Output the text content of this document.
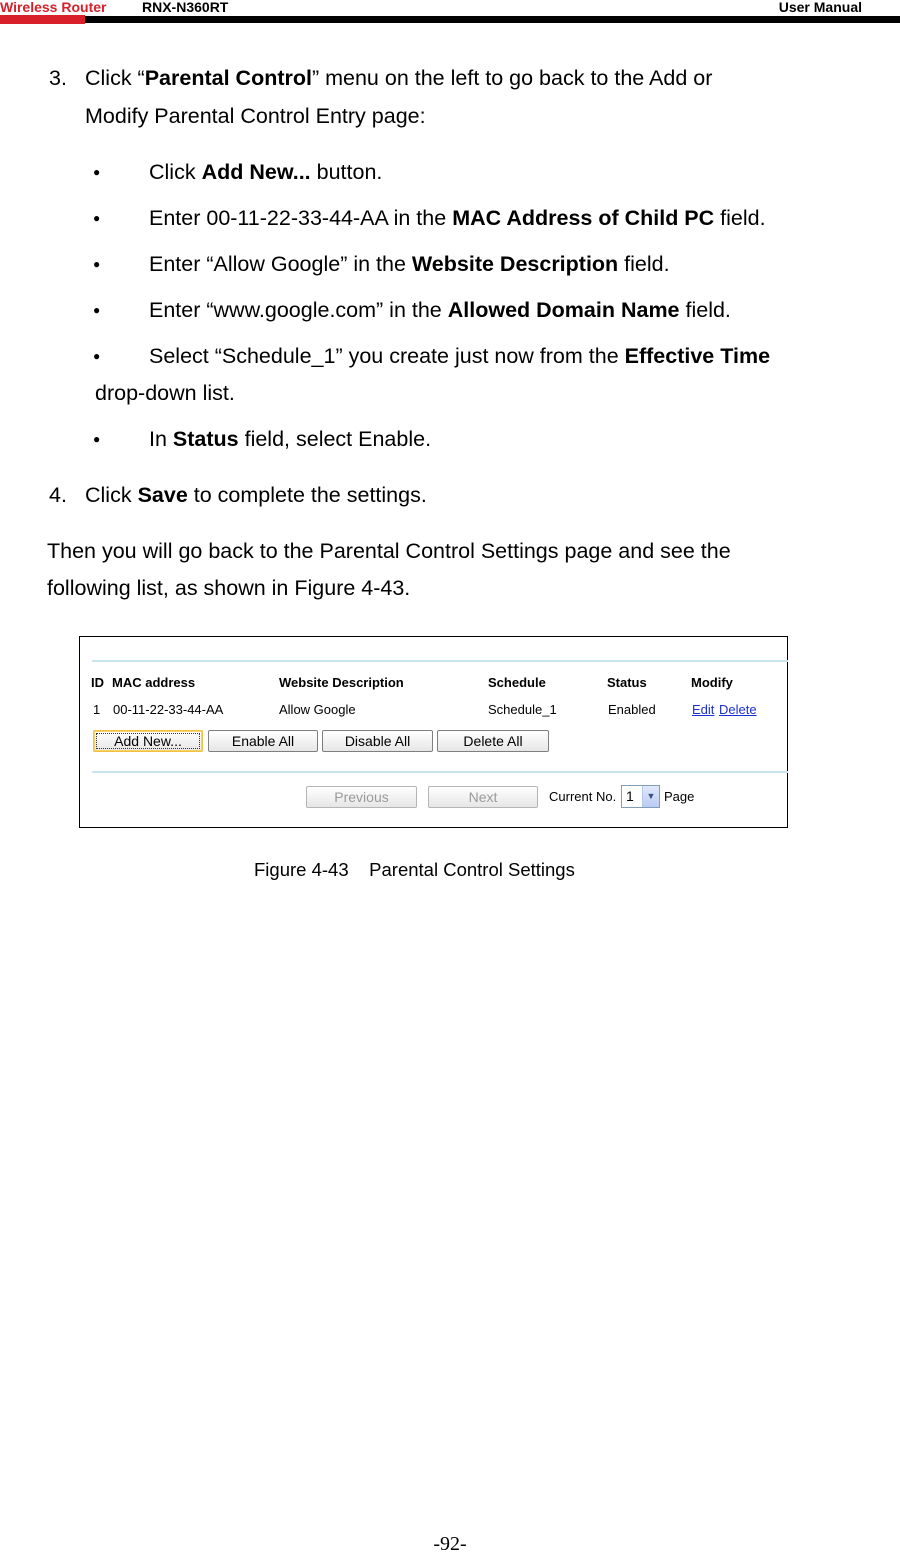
Wireless Router	RNX-N360RT	User Manual
3. Click “Parental Control” menu on the left to go back to the Add or
Modify Parental Control Entry page:
● Click Add New... button.
● Enter 00-11-22-33-44-AA in the MAC Address of Child PC field.
● Enter “Allow Google” in the Website Description field.
● Enter “www.google.com” in the Allowed Domain Name field.
● Select “Schedule_1” you create just now from the Effective Time
drop-down list.
● In Status field, select Enable.
4. Click Save to complete the settings.
Then you will go back to the Parental Control Settings page and see the
following list, as shown in Figure 4-43.
ID MAC address	Website Description	Schedule	Status	Modify
1 00-11-22-33-44-AA	Allow Google	Schedule_1	Enabled	Edit Delete
Add New...	Enable All	Disable All	Delete All
Previous	Next	Current No. 1	▼ Page
Figure 4-43    Parental Control Settings
-92-
